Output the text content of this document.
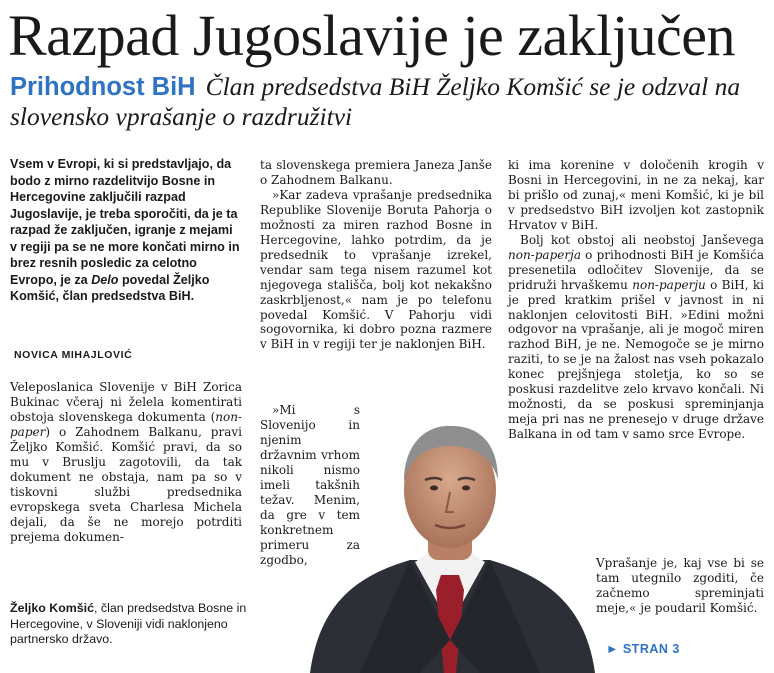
Razpad Jugoslavije je zaključen
Prihodnost BiH Član predsedstva BiH Željko Komšić se je odzval na slovensko vprašanje o razdružitvi
Vsem v Evropi, ki si predstavljajo, da bodo z mirno razdelitvijo Bosne in Hercegovine zaključili razpad Jugoslavije, je treba sporočiti, da je ta razpad že zaključen, igranje z mejami v regiji pa se ne more končati mirno in brez resnih posledic za celotno Evropo, je za Delo povedal Željko Komšić, član predsedstva BiH.
NOVICA MIHAJLOVIĆ

Veleposlanica Slovenije v BiH Zorica Bukinac včeraj ni želela komentirati obstoja slovenskega dokumenta (non-paper) o Zahodnem Balkanu, pravi Željko Komšić. Komšić pravi, da so mu v Bruslju zagotovili, da tak dokument ne obstaja, nam pa so v tiskovni službi predsednika evropskega sveta Charlesa Michela dejali, da še ne morejo potrditi prejema dokumen-

ta slovenskega premiera Janeza Janše o Zahodnem Balkanu.

»Kar zadeva vprašanje predsednika Republike Slovenije Boruta Pahorja o možnosti za miren razhod Bosne in Hercegovine, lahko potrdim, da je predsednik to vprašanje izrekel, vendar sam tega nisem razumel kot njegovega stališča, bolj kot nekakšno zaskrbljenost,« nam je po telefonu povedal Komšić. V Pahorju vidi sogovornika, ki dobro pozna razmere v BiH in v regiji ter je naklonjen BiH.

»Mi s Slovenijo in njenim državnim vrhom nikoli nismo imeli takšnih težav. Menim, da gre v tem konkretnem primeru za zgodbo,

ki ima korenine v določenih krogih v Bosni in Hercegovini, in ne za nekaj, kar bi prišlo od zunaj,« meni Komšić, ki je bil v predsedstvo BiH izvoljen kot zastopnik Hrvatov v BiH.

Bolj kot obstoj ali neobstoj Janševega non-paperja o prihodnosti BiH je Komšića presenetila odločitev Slovenije, da se pridruži hrvaškemu non-paperju o BiH, ki je pred kratkim prišel v javnost in ni naklonjen celovitosti BiH. »Edini možni odgovor na vprašanje, ali je mogoč miren razhod BiH, je ne. Nemogoče se je mirno raziti, to se je na žalost nas vseh pokazalo konec prejšnjega stoletja, ko so se poskusi razdelitve zelo krvavo končali. Ni možnosti, da se poskusi spreminjanja meja pri nas ne prenesejo v druge države Balkana in od tam v samo srce Evrope.

Vprašanje je, kaj vse bi se tam utegnilo zgoditi, če začnemo spreminjati meje,« je poudaril Komšić.

Željko Komšić, član predsedstva Bosne in Hercegovine, v Sloveniji vidi naklonjeno partnersko državo.
► STRAN 3
